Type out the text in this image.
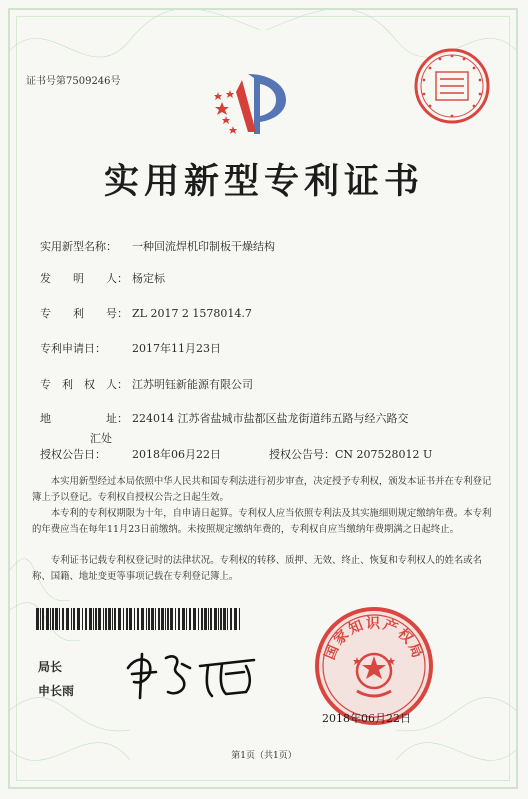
证书号第7509246号
实用新型专利证书
实用新型名称： 一种回流焊机印制板干燥结构
发　　明　　人： 杨定标
专　　利　　号： ZL 2017 2 1578014.7
专利申请日： 2017年11月23日
专　利　权　人： 江苏明钰新能源有限公司
地　　　　　址： 224014 江苏省盐城市盐都区盐龙街道纬五路与经六路交
汇处
授权公告日： 2018年06月22日	授权公告号：CN 207528012 U

本实用新型经过本局依照中华人民共和国专利法进行初步审查，决定授予专利权，颁发本证书并在专利登记簿上予以登记。专利权自授权公告之日起生效。

本专利的专利权期限为十年，自申请日起算。专利权人应当依照专利法及其实施细则规定缴纳年费。本专利的年费应当在每年11月23日前缴纳。未按照规定缴纳年费的，专利权自应当缴纳年费期满之日起终止。

专利证书记载专利权登记时的法律状况。专利权的转移、质押、无效、终止、恢复和专利权人的姓名或名称、国籍、地址变更等事项记载在专利登记簿上。

局长
申长雨
国家知识产权局
2018年06月22日
第1页（共1页）
